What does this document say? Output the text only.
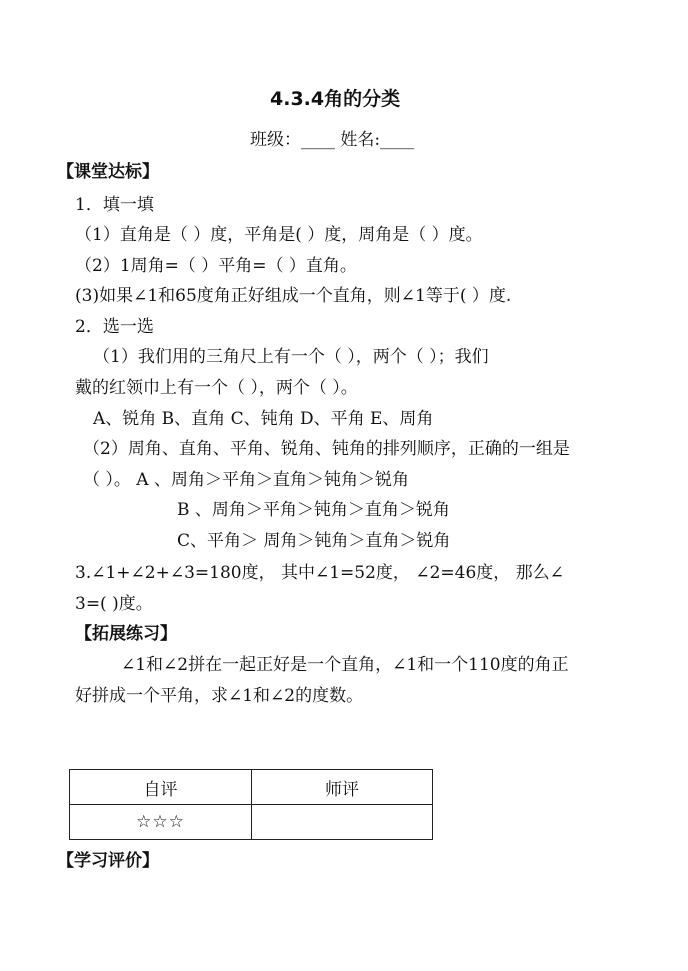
4.3.4角的分类
班级：____ 姓名:____
【课堂达标】
1．填一填
（1）直角是（ ）度，平角是( ）度，周角是（ ）度。
（2）1周角=（ ）平角=（ ）直角。
(3)如果∠1和65度角正好组成一个直角，则∠1等于( ）度.
2．选一选
（1）我们用的三角尺上有一个（ ），两个（ ）；我们
戴的红领巾上有一个（ ），两个（ ）。
A、锐角 B、直角 C、钝角 D、平角 E、周角
（2）周角、直角、平角、锐角、钝角的排列顺序，正确的一组是
（ ）。 A 、周角＞平角＞直角＞钝角＞锐角
B 、周角＞平角＞钝角＞直角＞锐角
C、平角＞ 周角＞钝角＞直角＞锐角
3.∠1+∠2+∠3=180度， 其中∠1=52度， ∠2=46度， 那么∠
3=( )度。
【拓展练习】
∠1和∠2拼在一起正好是一个直角，∠1和一个110度的角正
好拼成一个平角，求∠1和∠2的度数。
自评	师评
☆☆☆	
【学习评价】
